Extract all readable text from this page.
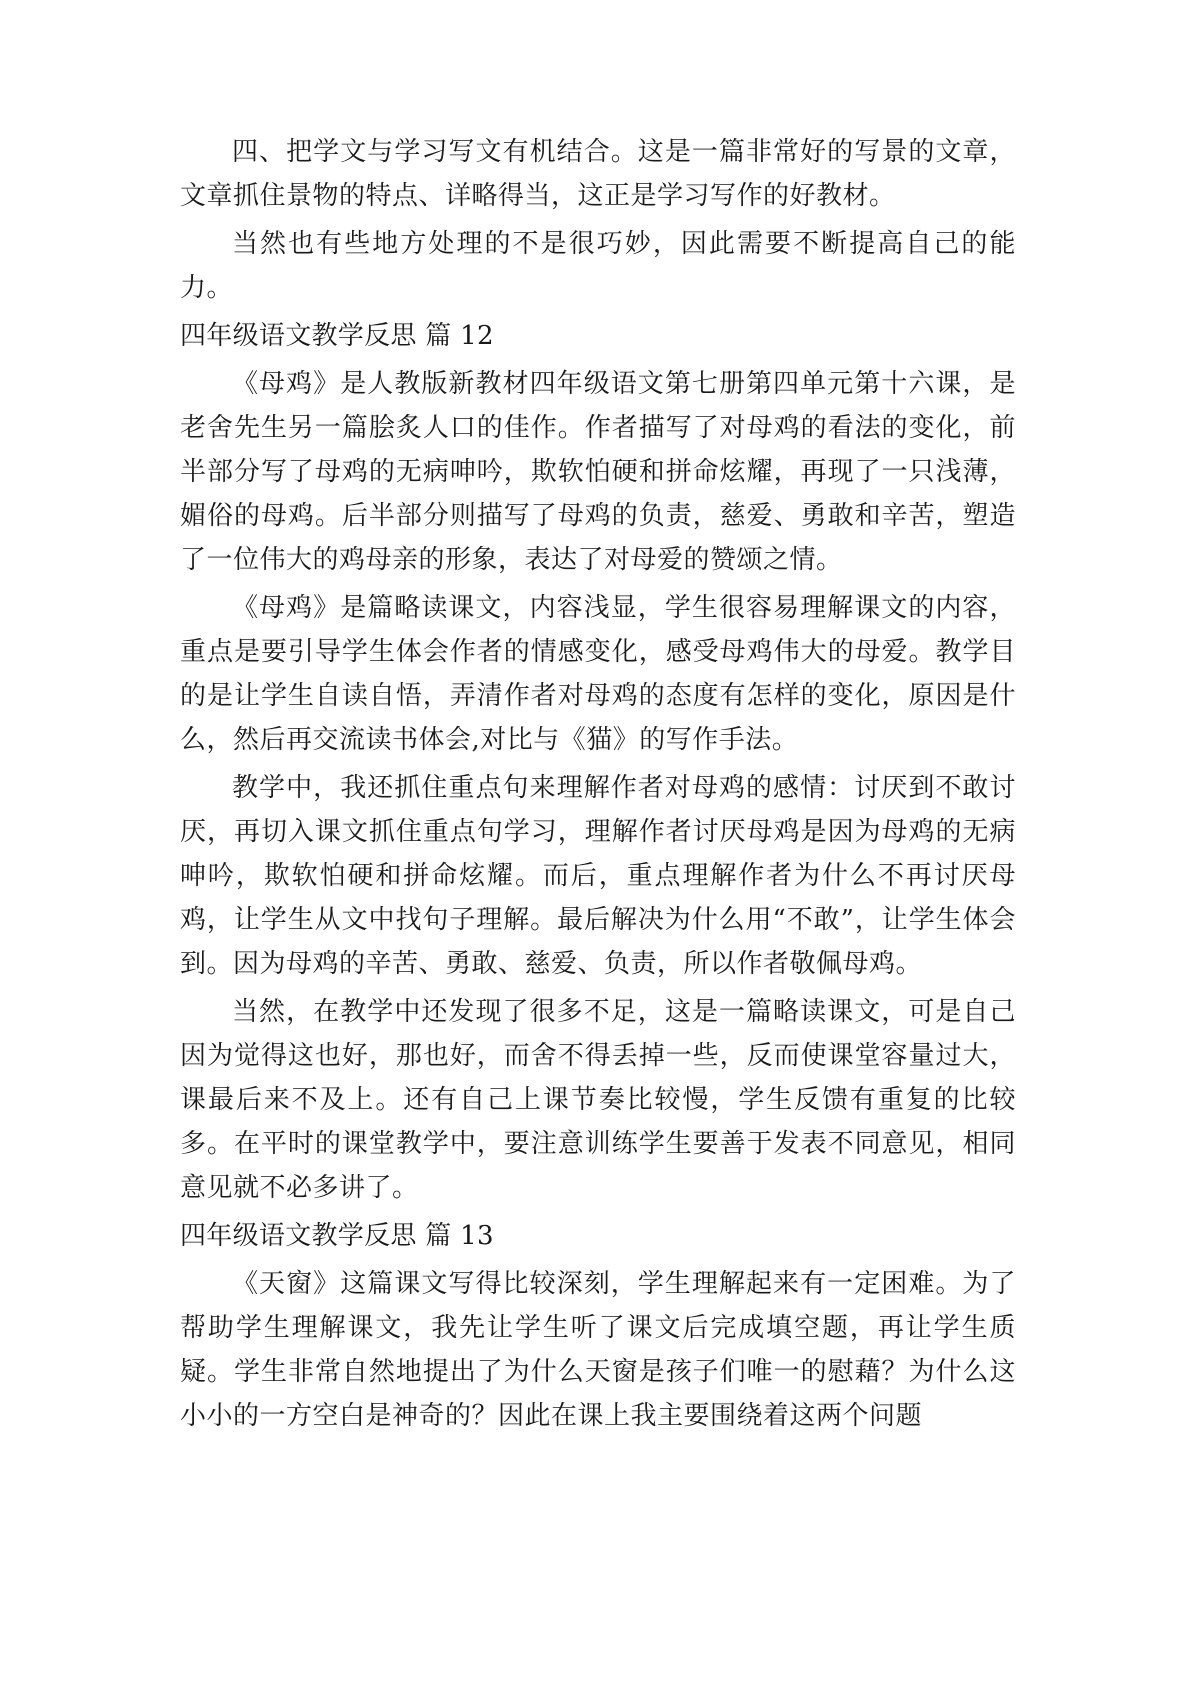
四、把学文与学习写文有机结合。这是一篇非常好的写景的文章，文章抓住景物的特点、详略得当，这正是学习写作的好教材。

当然也有些地方处理的不是很巧妙，因此需要不断提高自己的能力。

四年级语文教学反思 篇 12

《母鸡》是人教版新教材四年级语文第七册第四单元第十六课，是老舍先生另一篇脍炙人口的佳作。作者描写了对母鸡的看法的变化，前半部分写了母鸡的无病呻吟，欺软怕硬和拼命炫耀，再现了一只浅薄，媚俗的母鸡。后半部分则描写了母鸡的负责，慈爱、勇敢和辛苦，塑造了一位伟大的鸡母亲的形象，表达了对母爱的赞颂之情。

《母鸡》是篇略读课文，内容浅显，学生很容易理解课文的内容，重点是要引导学生体会作者的情感变化，感受母鸡伟大的母爱。教学目的是让学生自读自悟，弄清作者对母鸡的态度有怎样的变化，原因是什么，然后再交流读书体会,对比与《猫》的写作手法。

教学中，我还抓住重点句来理解作者对母鸡的感情：讨厌到不敢讨厌，再切入课文抓住重点句学习，理解作者讨厌母鸡是因为母鸡的无病呻吟，欺软怕硬和拼命炫耀。而后，重点理解作者为什么不再讨厌母鸡，让学生从文中找句子理解。最后解决为什么用“不敢”，让学生体会到。因为母鸡的辛苦、勇敢、慈爱、负责，所以作者敬佩母鸡。

当然，在教学中还发现了很多不足，这是一篇略读课文，可是自己因为觉得这也好，那也好，而舍不得丢掉一些，反而使课堂容量过大，课最后来不及上。还有自己上课节奏比较慢，学生反馈有重复的比较多。在平时的课堂教学中，要注意训练学生要善于发表不同意见，相同意见就不必多讲了。

四年级语文教学反思 篇 13

《天窗》这篇课文写得比较深刻，学生理解起来有一定困难。为了帮助学生理解课文，我先让学生听了课文后完成填空题，再让学生质疑。学生非常自然地提出了为什么天窗是孩子们唯一的慰藉？为什么这小小的一方空白是神奇的？因此在课上我主要围绕着这两个问题
